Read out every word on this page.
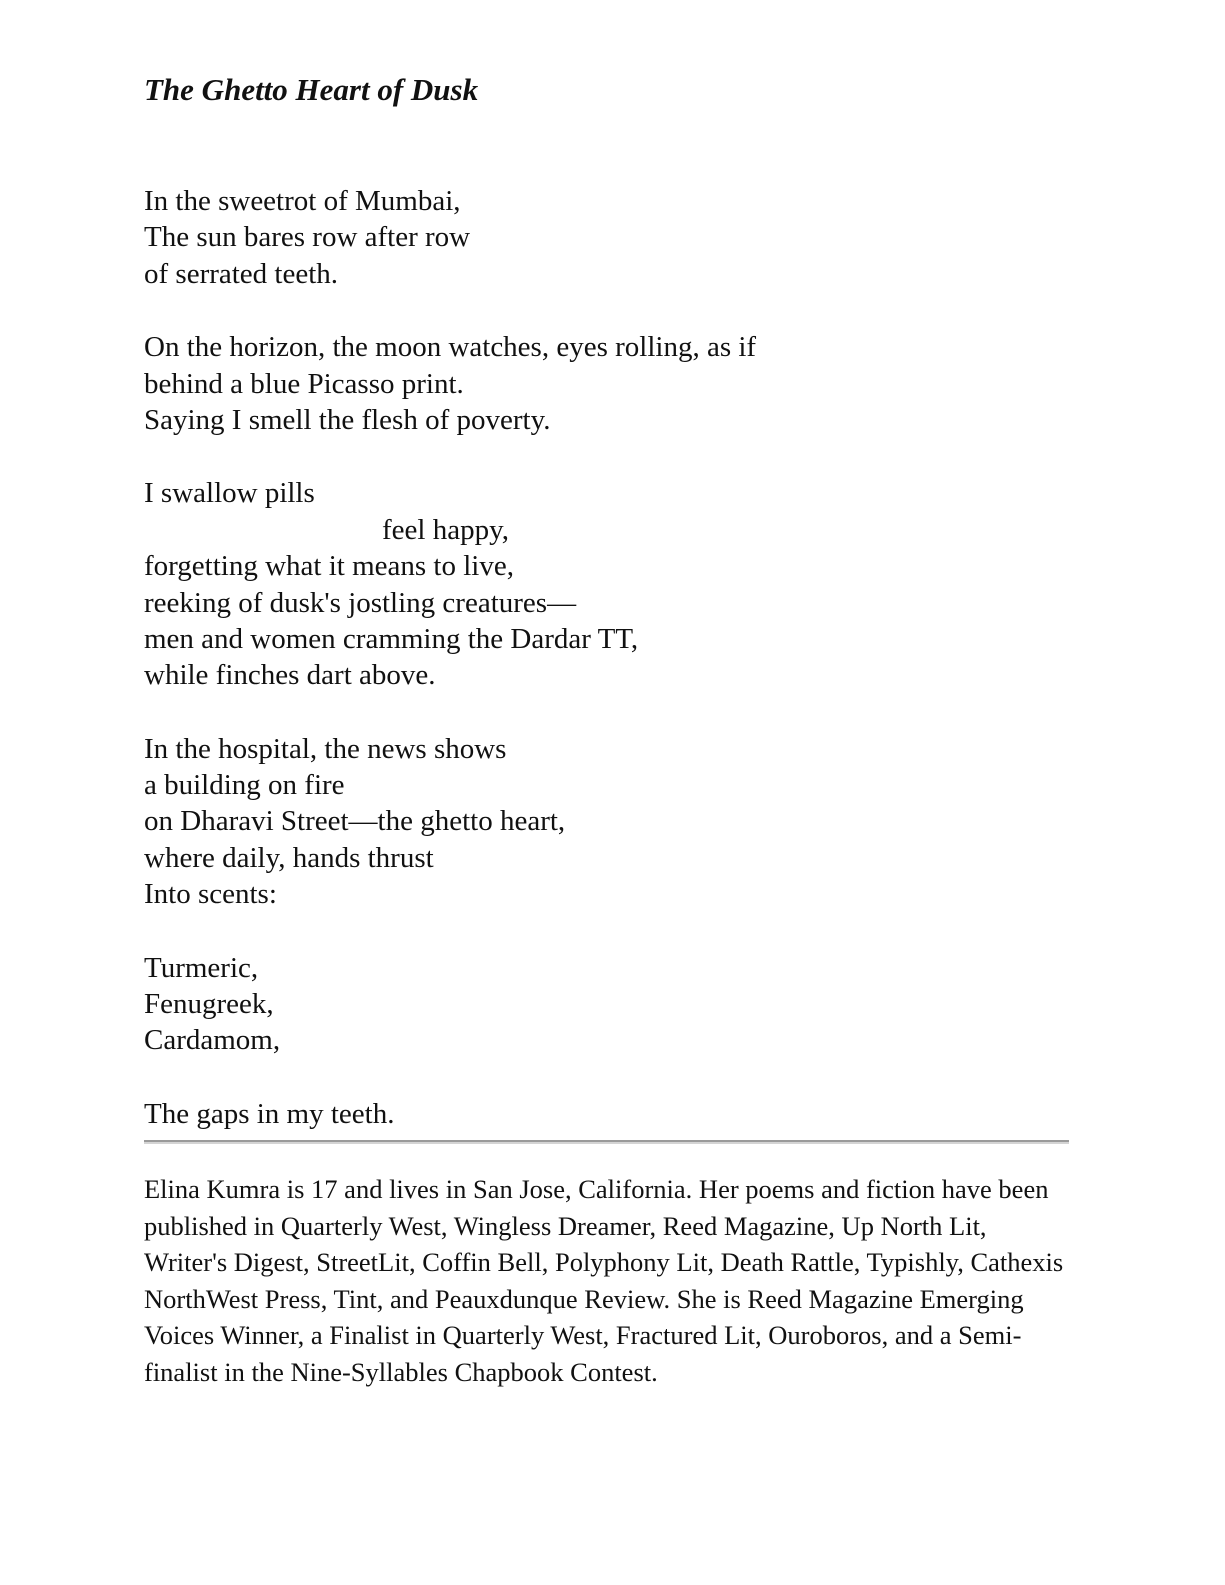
The Ghetto Heart of Dusk
In the sweetrot of Mumbai,
The sun bares row after row
of serrated teeth.
On the horizon, the moon watches, eyes rolling, as if
behind a blue Picasso print.
Saying I smell the flesh of poverty.
I swallow pills
feel happy,
forgetting what it means to live,
reeking of dusk's jostling creatures—
men and women cramming the Dardar TT,
while finches dart above.
In the hospital, the news shows
a building on fire
on Dharavi Street—the ghetto heart,
where daily, hands thrust
Into scents:
Turmeric,
Fenugreek,
Cardamom,
The gaps in my teeth.

Elina Kumra is 17 and lives in San Jose, California. Her poems and fiction have been published in Quarterly West, Wingless Dreamer, Reed Magazine, Up North Lit, Writer's Digest, StreetLit, Coffin Bell, Polyphony Lit, Death Rattle, Typishly, Cathexis NorthWest Press, Tint, and Peauxdunque Review. She is Reed Magazine Emerging Voices Winner, a Finalist in Quarterly West, Fractured Lit, Ouroboros, and a Semi-finalist in the Nine-Syllables Chapbook Contest.
